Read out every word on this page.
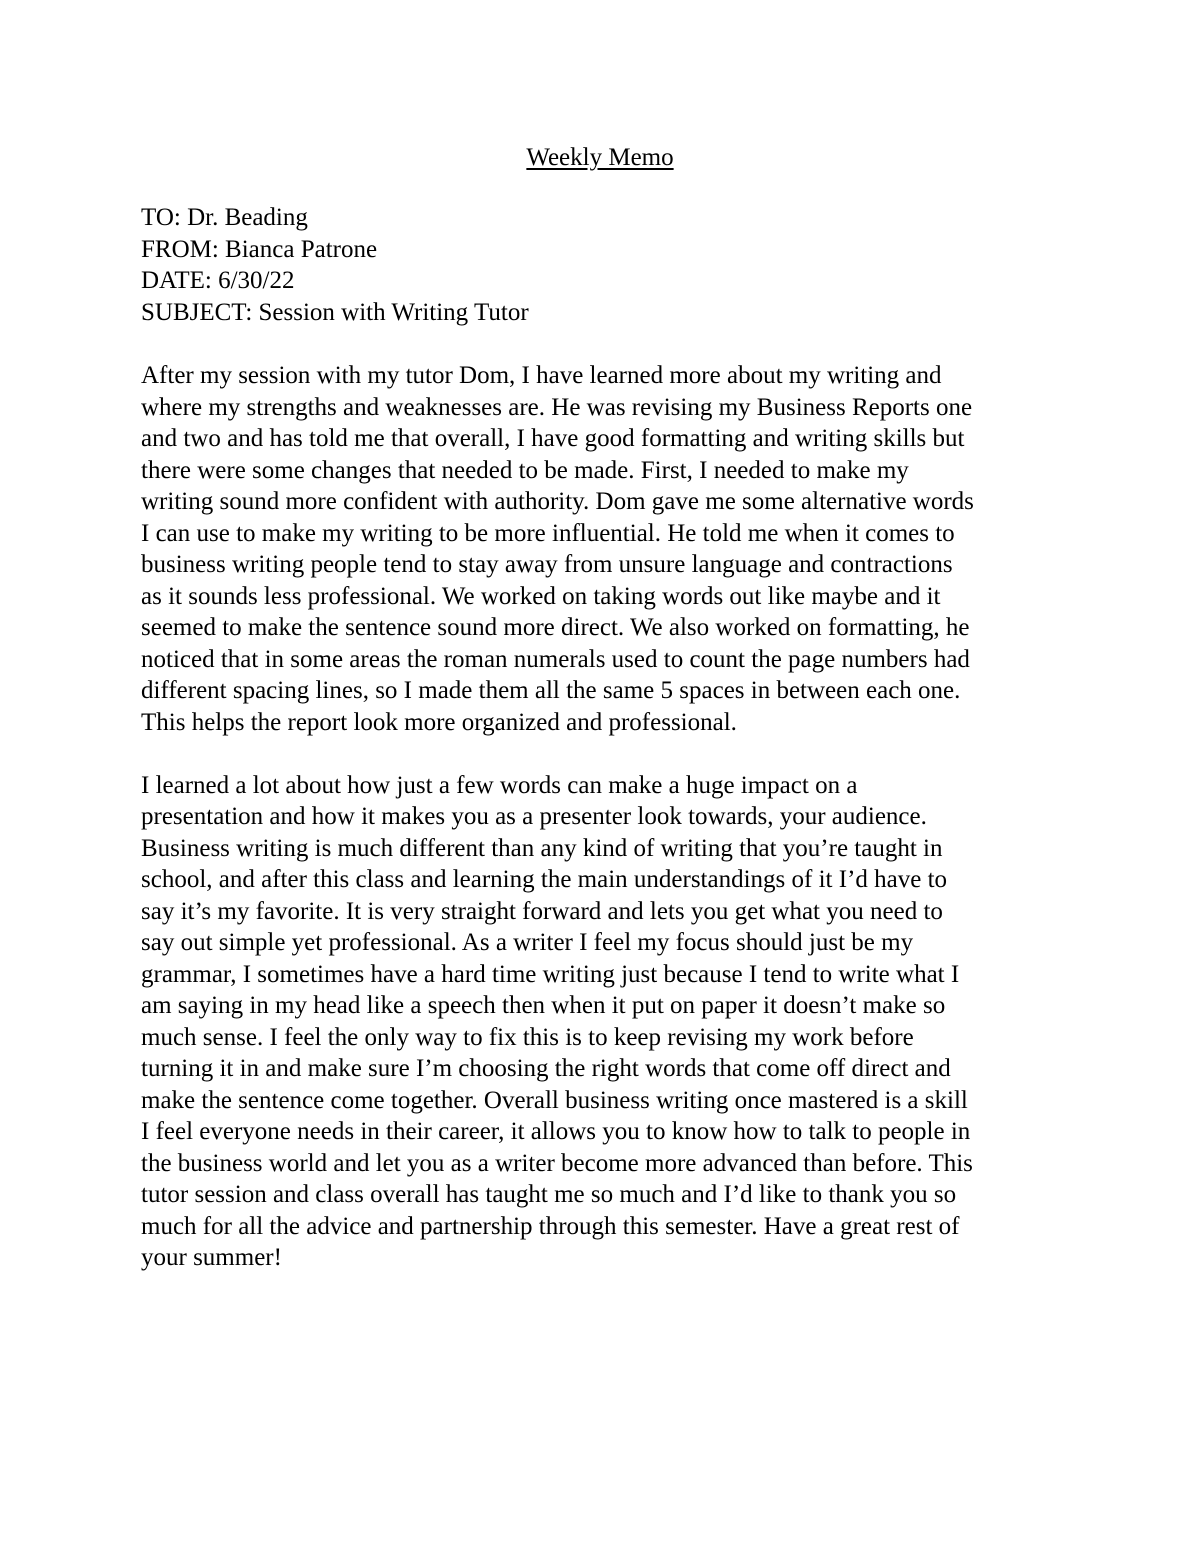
Weekly Memo

TO: Dr. Beading

FROM: Bianca Patrone

DATE: 6/30/22

SUBJECT: Session with Writing Tutor

After my session with my tutor Dom, I have learned more about my writing and
where my strengths and weaknesses are. He was revising my Business Reports one
and two and has told me that overall, I have good formatting and writing skills but
there were some changes that needed to be made. First, I needed to make my
writing sound more confident with authority. Dom gave me some alternative words
I can use to make my writing to be more influential. He told me when it comes to
business writing people tend to stay away from unsure language and contractions
as it sounds less professional. We worked on taking words out like maybe and it
seemed to make the sentence sound more direct. We also worked on formatting, he
noticed that in some areas the roman numerals used to count the page numbers had
different spacing lines, so I made them all the same 5 spaces in between each one.
This helps the report look more organized and professional.

I learned a lot about how just a few words can make a huge impact on a
presentation and how it makes you as a presenter look towards, your audience.
Business writing is much different than any kind of writing that you’re taught in
school, and after this class and learning the main understandings of it I’d have to
say it’s my favorite. It is very straight forward and lets you get what you need to
say out simple yet professional. As a writer I feel my focus should just be my
grammar, I sometimes have a hard time writing just because I tend to write what I
am saying in my head like a speech then when it put on paper it doesn’t make so
much sense. I feel the only way to fix this is to keep revising my work before
turning it in and make sure I’m choosing the right words that come off direct and
make the sentence come together. Overall business writing once mastered is a skill
I feel everyone needs in their career, it allows you to know how to talk to people in
the business world and let you as a writer become more advanced than before. This
tutor session and class overall has taught me so much and I’d like to thank you so
much for all the advice and partnership through this semester. Have a great rest of
your summer!
